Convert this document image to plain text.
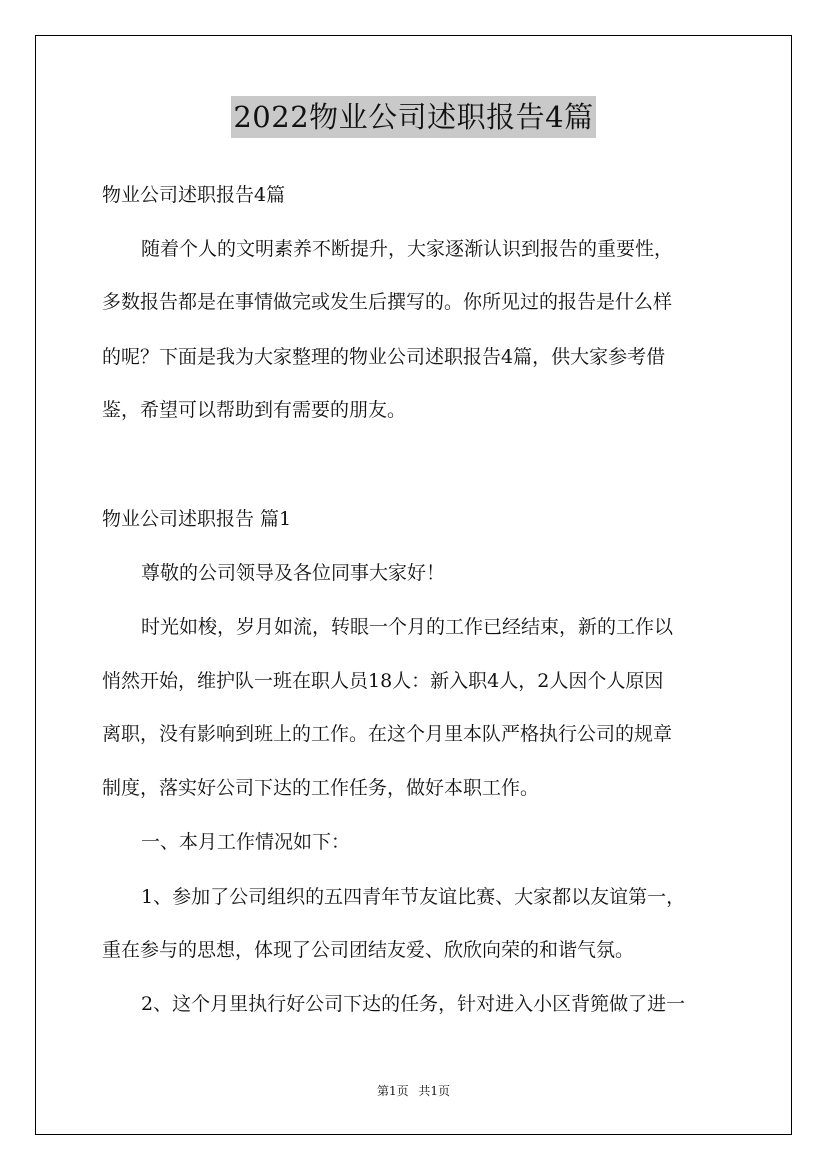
2022物业公司述职报告4篇
物业公司述职报告4篇
随着个人的文明素养不断提升，大家逐渐认识到报告的重要性，
多数报告都是在事情做完或发生后撰写的。你所见过的报告是什么样
的呢？下面是我为大家整理的物业公司述职报告4篇，供大家参考借
鉴，希望可以帮助到有需要的朋友。
物业公司述职报告 篇1
尊敬的公司领导及各位同事大家好！
时光如梭，岁月如流，转眼一个月的工作已经结束，新的工作以
悄然开始，维护队一班在职人员18人：新入职4人，2人因个人原因
离职，没有影响到班上的工作。在这个月里本队严格执行公司的规章
制度，落实好公司下达的工作任务，做好本职工作。
一、本月工作情况如下：
1、参加了公司组织的五四青年节友谊比赛、大家都以友谊第一，
重在参与的思想，体现了公司团结友爱、欣欣向荣的和谐气氛。
2、这个月里执行好公司下达的任务，针对进入小区背篼做了进一
第1页 共1页
